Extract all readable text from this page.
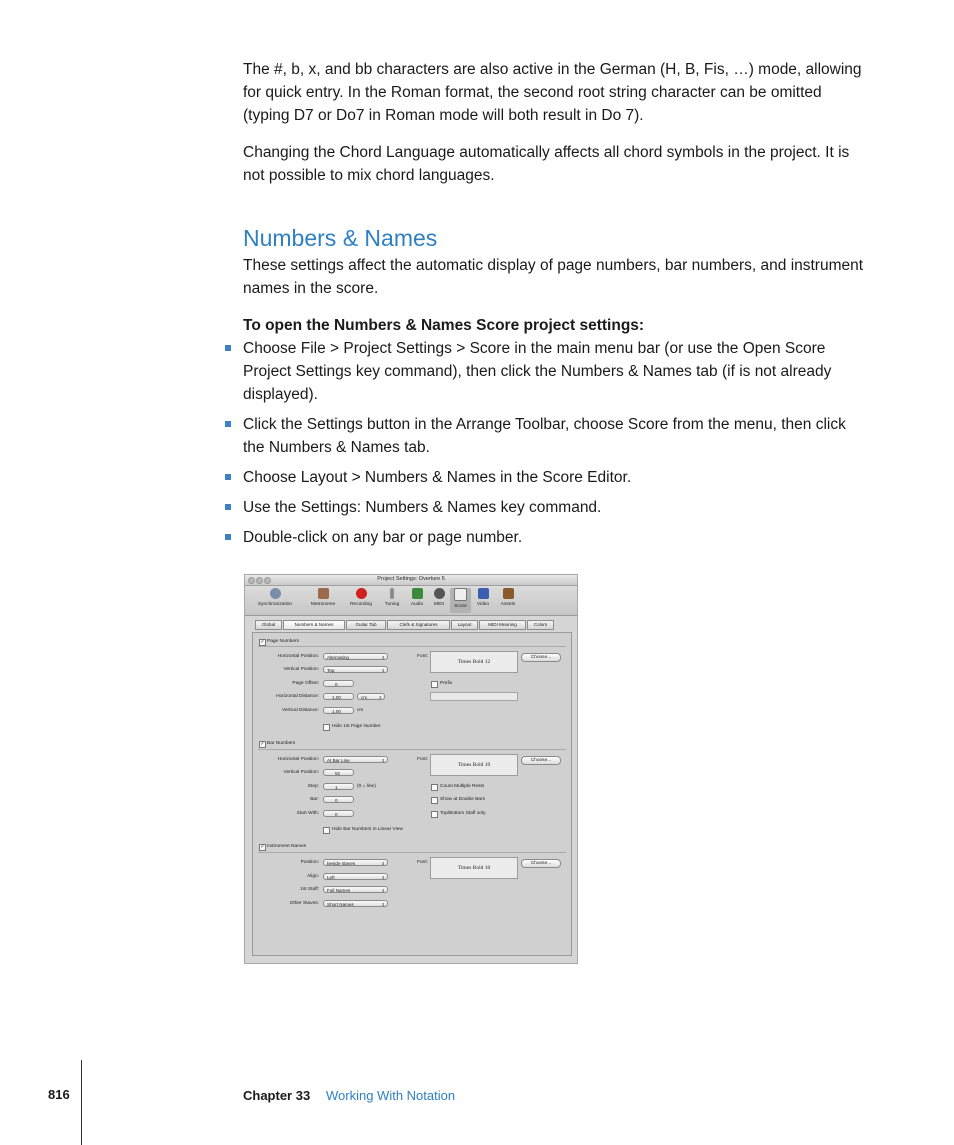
The #, b, x, and bb characters are also active in the German (H, B, Fis, …) mode, allowing for quick entry. In the Roman format, the second root string character can be omitted (typing D7 or Do7 in Roman mode will both result in Do 7).

Changing the Chord Language automatically affects all chord symbols in the project. It is not possible to mix chord languages.

Numbers & Names

These settings affect the automatic display of page numbers, bar numbers, and instrument names in the score.

To open the Numbers & Names Score project settings:

Choose File > Project Settings > Score in the main menu bar (or use the Open Score Project Settings key command), then click the Numbers & Names tab (if is not already displayed).

Click the Settings button in the Arrange Toolbar, choose Score from the menu, then click the Numbers & Names tab.

Choose Layout > Numbers & Names in the Score Editor.

Use the Settings: Numbers & Names key command.

Double-click on any bar or page number.

Project Settings: Overture 5
Synchronization	Metronome	Recording	Tuning	Audio	MIDI	Score	Video	Assets
Global	Numbers & Names	Guitar Tab	Clefs & Signatures	Layout	MIDI Meaning	Colors
✓ Page Numbers
Horizontal Position:	Alternating	⇕
Vertical Position:	Top	⇕
Page Offset:	0
Horizontal Distance:	1,00	cm	⇕
Vertical Distance:	1,00	cm
Hide 1st Page Number
Font:
Times Bold 12
Choose...
Prefix
✓ Bar Numbers
Horizontal Position:	At Bar Line	⇕
Vertical Position:	52
Step:	1	(0 = line)
Bar:	0
Start With:	0
Hide Bar Numbers in Linear View
Font:
Times Bold 10
Choose...
Count Multiple Rests
Show at Double Bars
Top/Bottom Staff only
✓ Instrument Names
Position:	beside staves	⇕
Align:	Left	⇕
1st Staff:	Full Names	⇕
Other Staves:	Short Names	⇕
Font:
Times Bold 10
Choose...
816	Chapter 33 Working With Notation
